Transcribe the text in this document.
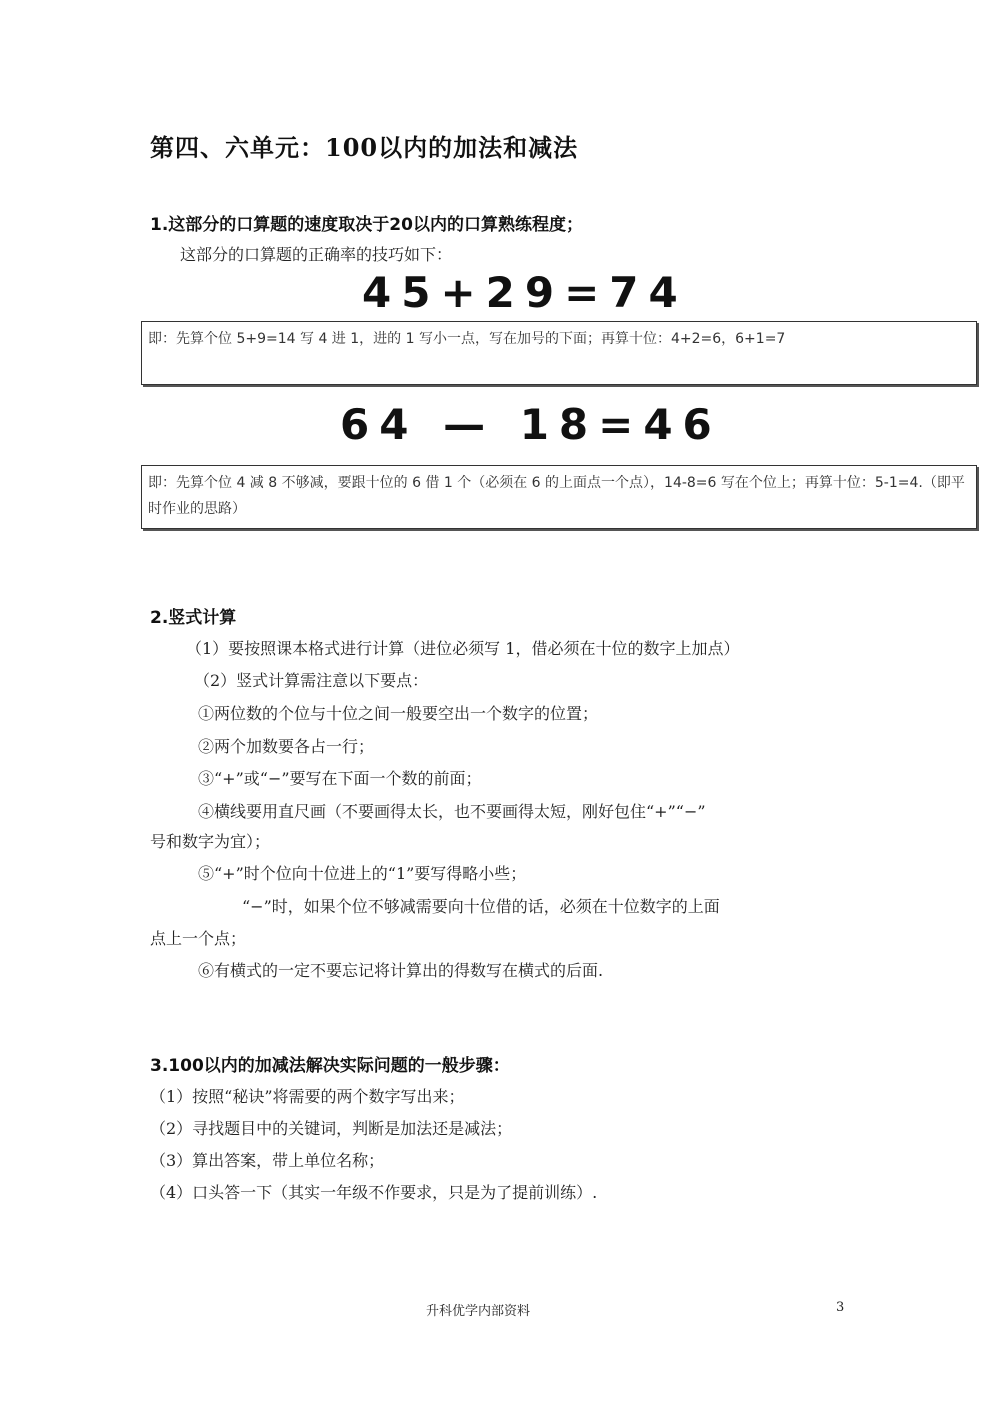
第四、六单元：100以内的加法和减法
1.这部分的口算题的速度取决于20以内的口算熟练程度；
这部分的口算题的正确率的技巧如下：
45+29=74
即：先算个位 5+9=14 写 4 进 1，进的 1 写小一点，写在加号的下面；再算十位：4+2=6，6+1=7
64 — 18=46
即：先算个位 4 减 8 不够减，要跟十位的 6 借 1 个（必须在 6 的上面点一个点），14-8=6 写在个位上；再算十位：5-1=4.（即平时作业的思路）
2.竖式计算
（1）要按照课本格式进行计算（进位必须写 1，借必须在十位的数字上加点）
（2）竖式计算需注意以下要点：
①两位数的个位与十位之间一般要空出一个数字的位置；
②两个加数要各占一行；
③“+”或“−”要写在下面一个数的前面；
④横线要用直尺画（不要画得太长，也不要画得太短，刚好包住“+”“−”
号和数字为宜）；
⑤“+”时个位向十位进上的“1”要写得略小些；
“−”时，如果个位不够减需要向十位借的话，必须在十位数字的上面
点上一个点；
⑥有横式的一定不要忘记将计算出的得数写在横式的后面.
3.100以内的加减法解决实际问题的一般步骤：
（1）按照“秘诀”将需要的两个数字写出来；
（2）寻找题目中的关键词，判断是加法还是减法；
（3）算出答案，带上单位名称；
（4）口头答一下（其实一年级不作要求，只是为了提前训练）.
升科优学内部资料	3
